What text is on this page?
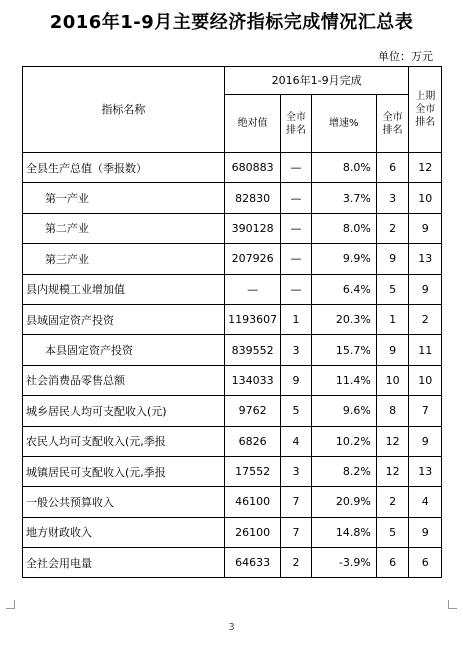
2016年1-9月主要经济指标完成情况汇总表
单位：万元
指标名称	2016年1-9月完成				上期全市排名
	绝对值	全市排名	增速%	全市排名	
全县生产总值（季报数）	680883	—	8.0%	6	12
第一产业	82830	—	3.7%	3	10
第二产业	390128	—	8.0%	2	9
第三产业	207926	—	9.9%	9	13
县内规模工业增加值	—	—	6.4%	5	9
县域固定资产投资	1193607	1	20.3%	1	2
本县固定资产投资	839552	3	15.7%	9	11
社会消费品零售总额	134033	9	11.4%	10	10
城乡居民人均可支配收入(元)	9762	5	9.6%	8	7
农民人均可支配收入(元,季报	6826	4	10.2%	12	9
城镇居民可支配收入(元,季报	17552	3	8.2%	12	13
一般公共预算收入	46100	7	20.9%	2	4
地方财政收入	26100	7	14.8%	5	9
全社会用电量	64633	2	-3.9%	6	6
3
